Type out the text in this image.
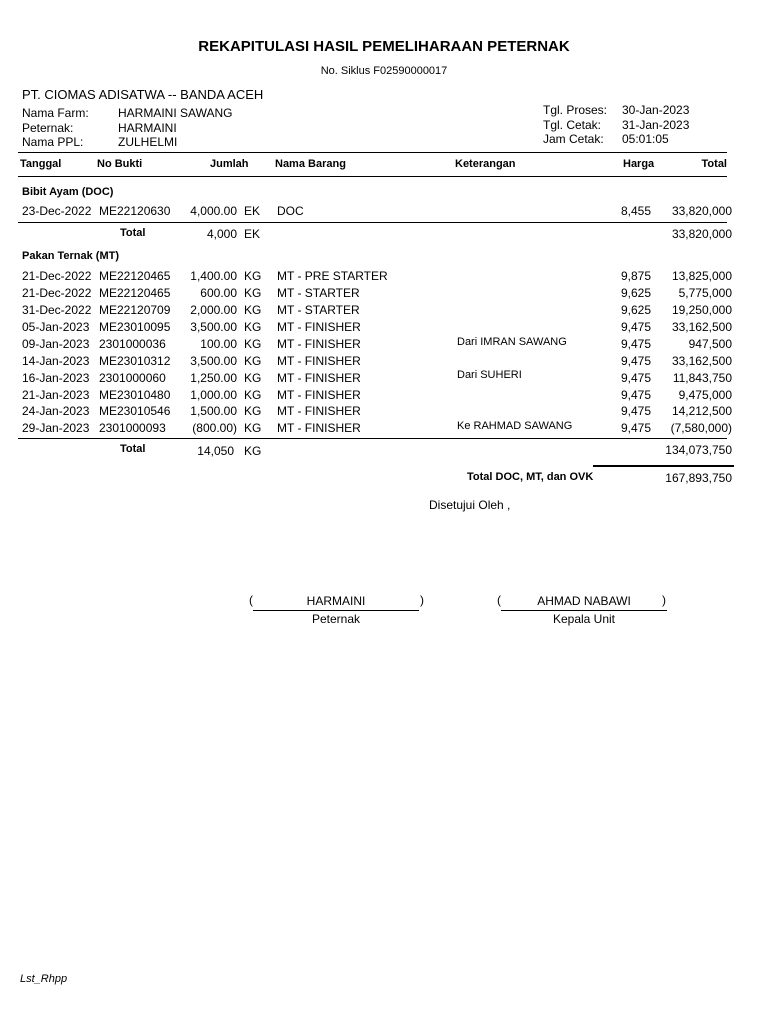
REKAPITULASI HASIL PEMELIHARAAN PETERNAK
No. Siklus F02590000017
PT. CIOMAS ADISATWA -- BANDA ACEH
Nama Farm: HARMAINI SAWANG
Peternak:	HARMAINI
Nama PPL:	ZULHELMI
Tgl. Proses: 30-Jan-2023
Tgl. Cetak: 31-Jan-2023
Jam Cetak: 05:01:05
Tanggal	No Bukti	Jumlah Nama Barang	Keterangan	Harga	Total
Bibit Ayam (DOC)
23-Dec-2022 ME22120630 4,000.00 EK DOC	8,455 33,820,000
Total	4,000 EK	33,820,000
Pakan Ternak (MT)
21-Dec-2022 ME22120465 1,400.00 KG MT - PRE STARTER	9,875 13,825,000
21-Dec-2022 ME22120465 600.00 KG MT - STARTER	9,625 5,775,000
31-Dec-2022 ME22120709 2,000.00 KG MT - STARTER	9,625 19,250,000
05-Jan-2023 ME23010095 3,500.00 KG MT - FINISHER	9,475 33,162,500
09-Jan-2023 2301000036	100.00 KG MT - FINISHER	Dari IMRAN SAWANG	9,475	947,500
14-Jan-2023 ME23010312 3,500.00 KG MT - FINISHER	9,475 33,162,500
16-Jan-2023 2301000060 1,250.00 KG MT - FINISHER	Dari SUHERI	9,475 11,843,750
21-Jan-2023 ME23010480 1,000.00 KG MT - FINISHER	9,475 9,475,000
24-Jan-2023 ME23010546 1,500.00 KG MT - FINISHER	9,475 14,212,500
29-Jan-2023 2301000093 (800.00) KG MT - FINISHER	Ke RAHMAD SAWANG	9,475 (7,580,000)
Total	14,050 KG	134,073,750
Total DOC, MT, dan OVK	167,893,750
Disetujui Oleh ,
(	HARMAINI	)
Peternak
(	AHMAD NABAWI	)
Kepala Unit
Lst_Rhpp
